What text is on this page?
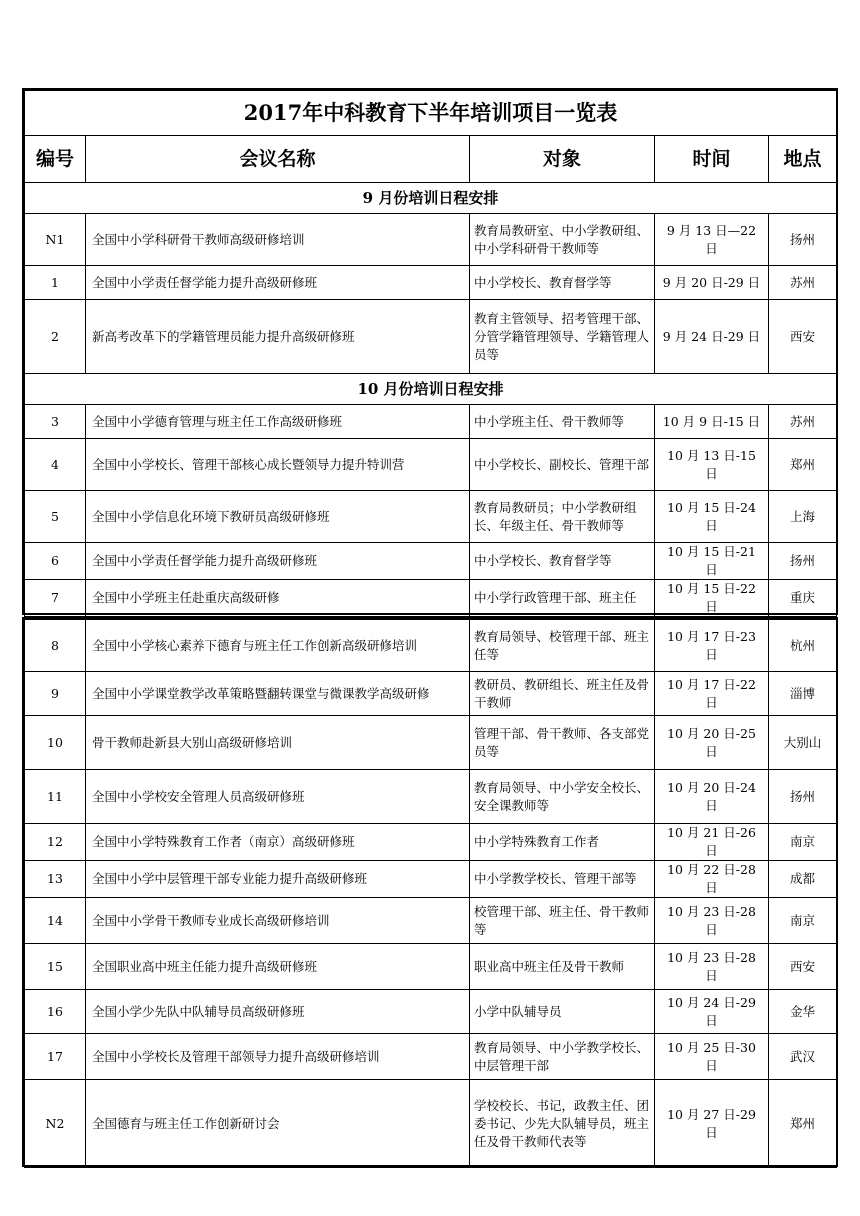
2017年中科教育下半年培训项目一览表				
编号	会议名称	对象	时间	地点
9 月份培训日程安排				
N1	全国中小学科研骨干教师高级研修培训	教育局教研室、中小学教研组、中小学科研骨干教师等	9 月 13 日—22 日	扬州
1	全国中小学责任督学能力提升高级研修班	中小学校长、教育督学等	9 月 20 日-29 日	苏州
2	新高考改革下的学籍管理员能力提升高级研修班	教育主管领导、招考管理干部、分管学籍管理领导、学籍管理人员等	9 月 24 日-29 日	西安
10 月份培训日程安排				
3	全国中小学德育管理与班主任工作高级研修班	中小学班主任、骨干教师等	10 月 9 日-15 日	苏州
4	全国中小学校长、管理干部核心成长暨领导力提升特训营	中小学校长、副校长、管理干部	10 月 13 日-15 日	郑州
5	全国中小学信息化环境下教研员高级研修班	教育局教研员；中小学教研组长、年级主任、骨干教师等	10 月 15 日-24 日	上海
6	全国中小学责任督学能力提升高级研修班	中小学校长、教育督学等	10 月 15 日-21 日	扬州
7	全国中小学班主任赴重庆高级研修	中小学行政管理干部、班主任	10 月 15 日-22 日	重庆
8	全国中小学核心素养下德育与班主任工作创新高级研修培训	教育局领导、校管理干部、班主任等	10 月 17 日-23 日	杭州
9	全国中小学课堂教学改革策略暨翻转课堂与微课教学高级研修	教研员、教研组长、班主任及骨干教师	10 月 17 日-22 日	淄博
10	骨干教师赴新县大别山高级研修培训	管理干部、骨干教师、各支部党员等	10 月 20 日-25 日	大别山
11	全国中小学校安全管理人员高级研修班	教育局领导、中小学安全校长、安全课教师等	10 月 20 日-24 日	扬州
12	全国中小学特殊教育工作者（南京）高级研修班	中小学特殊教育工作者	10 月 21 日-26 日	南京
13	全国中小学中层管理干部专业能力提升高级研修班	中小学教学校长、管理干部等	10 月 22 日-28 日	成都
14	全国中小学骨干教师专业成长高级研修培训	校管理干部、班主任、骨干教师等	10 月 23 日-28 日	南京
15	全国职业高中班主任能力提升高级研修班	职业高中班主任及骨干教师	10 月 23 日-28 日	西安
16	全国小学少先队中队辅导员高级研修班	小学中队辅导员	10 月 24 日-29 日	金华
17	全国中小学校长及管理干部领导力提升高级研修培训	教育局领导、中小学教学校长、中层管理干部	10 月 25 日-30 日	武汉
N2	全国德育与班主任工作创新研讨会	学校校长、书记，政教主任、团委书记、少先大队辅导员，班主任及骨干教师代表等	10 月 27 日-29 日	郑州
